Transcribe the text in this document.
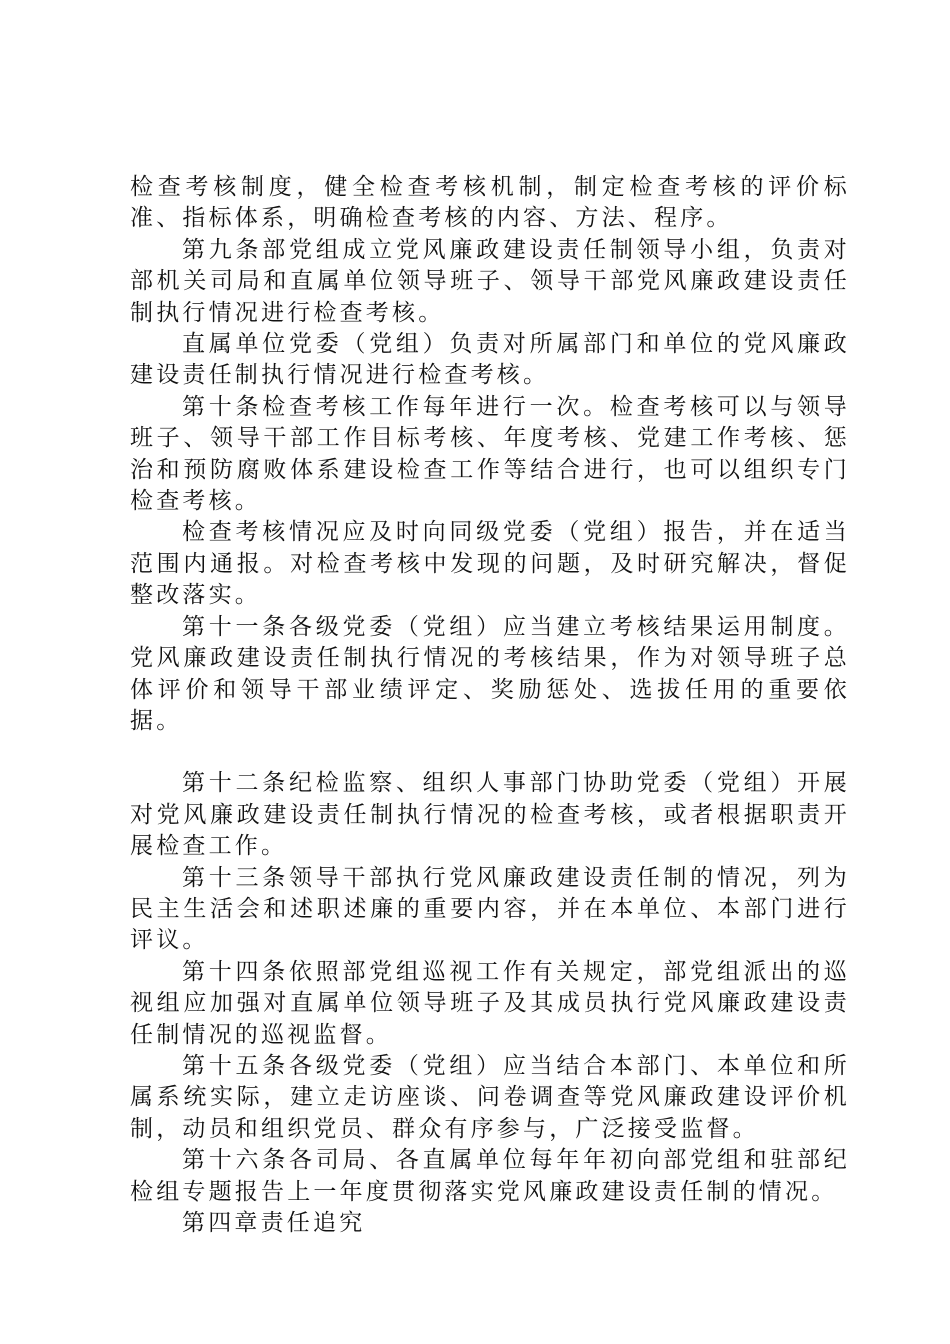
检查考核制度，健全检查考核机制，制定检查考核的评价标准、指标体系，明确检查考核的内容、方法、程序。

第九条部党组成立党风廉政建设责任制领导小组，负责对部机关司局和直属单位领导班子、领导干部党风廉政建设责任制执行情况进行检查考核。

直属单位党委（党组）负责对所属部门和单位的党风廉政建设责任制执行情况进行检查考核。

第十条检查考核工作每年进行一次。检查考核可以与领导班子、领导干部工作目标考核、年度考核、党建工作考核、惩治和预防腐败体系建设检查工作等结合进行，也可以组织专门检查考核。

检查考核情况应及时向同级党委（党组）报告，并在适当范围内通报。对检查考核中发现的问题，及时研究解决，督促整改落实。

第十一条各级党委（党组）应当建立考核结果运用制度。党风廉政建设责任制执行情况的考核结果，作为对领导班子总体评价和领导干部业绩评定、奖励惩处、选拔任用的重要依据。

第十二条纪检监察、组织人事部门协助党委（党组）开展对党风廉政建设责任制执行情况的检查考核，或者根据职责开展检查工作。

第十三条领导干部执行党风廉政建设责任制的情况，列为民主生活会和述职述廉的重要内容，并在本单位、本部门进行评议。

第十四条依照部党组巡视工作有关规定，部党组派出的巡视组应加强对直属单位领导班子及其成员执行党风廉政建设责任制情况的巡视监督。

第十五条各级党委（党组）应当结合本部门、本单位和所属系统实际，建立走访座谈、问卷调查等党风廉政建设评价机制，动员和组织党员、群众有序参与，广泛接受监督。

第十六条各司局、各直属单位每年年初向部党组和驻部纪检组专题报告上一年度贯彻落实党风廉政建设责任制的情况。

第四章责任追究
